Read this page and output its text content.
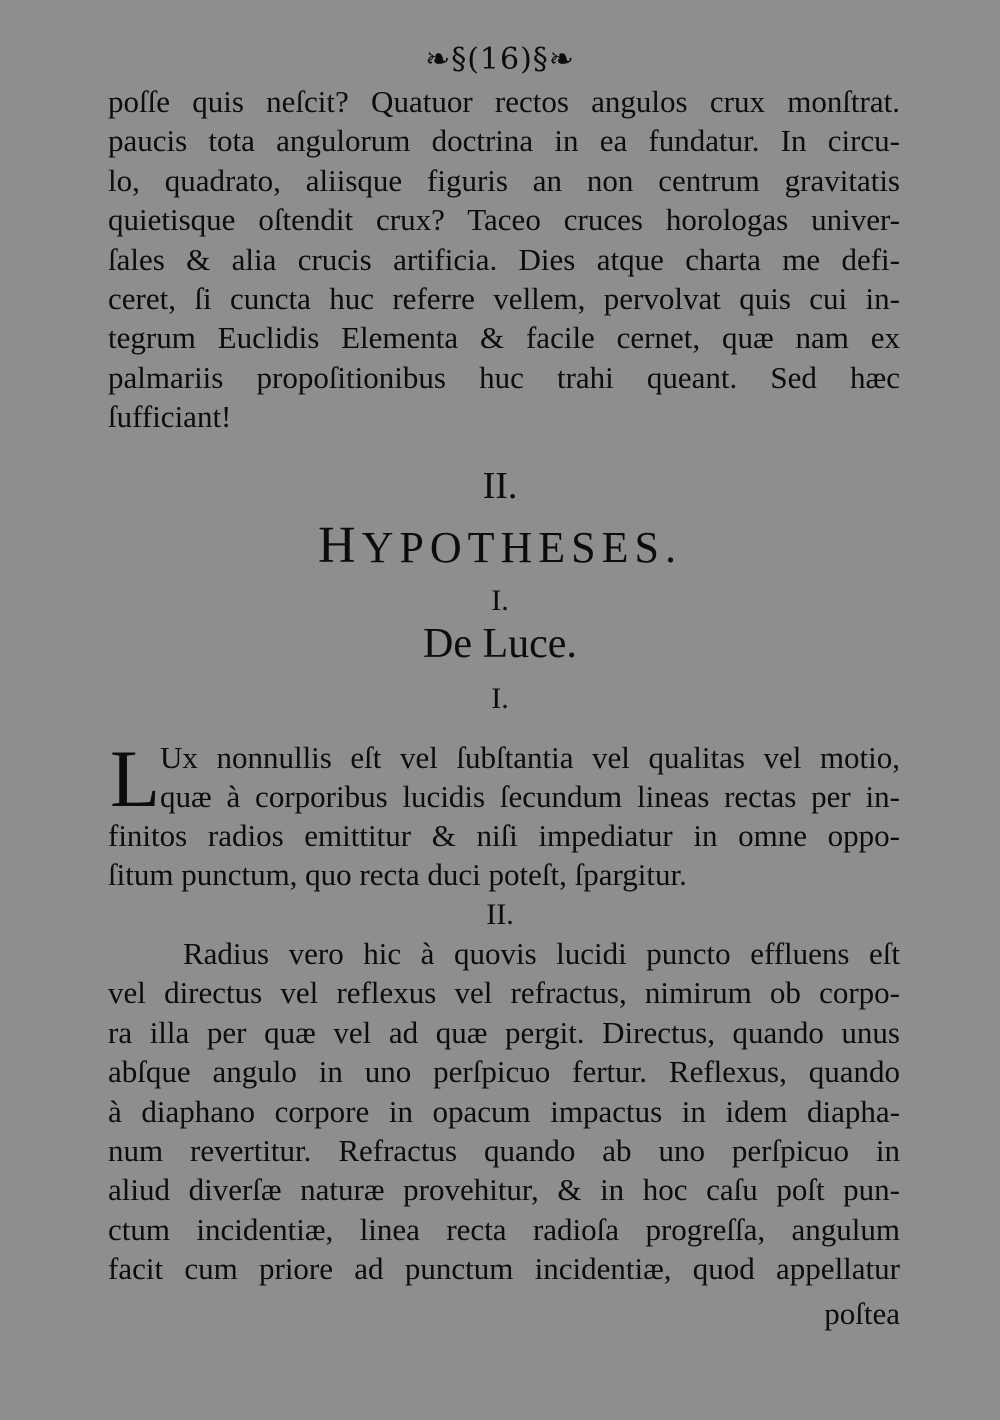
❧§(16)§❧
poſſe quis neſcit? Quatuor rectos angulos crux monſtrat.
paucis tota angulorum doctrina in ea fundatur. In circu-
lo, quadrato, aliisque figuris an non centrum gravitatis
quietisque oſtendit crux? Taceo cruces horologas univer-
ſales & alia crucis artificia. Dies atque charta me defi-
ceret, ſi cuncta huc referre vellem, pervolvat quis cui in-
tegrum Euclidis Elementa & facile cernet, quæ nam ex
palmariis propoſitionibus huc trahi queant. Sed hæc
ſufficiant!
II.
HYPOTHESES.
I.
De Luce.
I.
L Ux nonnullis eſt vel ſubſtantia vel qualitas vel motio,
quæ à corporibus lucidis ſecundum lineas rectas per in-
finitos radios emittitur & niſi impediatur in omne oppo-
ſitum punctum, quo recta duci poteſt, ſpargitur.
II.
Radius vero hic à quovis lucidi puncto effluens eſt
vel directus vel reflexus vel refractus, nimirum ob corpo-
ra illa per quæ vel ad quæ pergit. Directus, quando unus
abſque angulo in uno perſpicuo fertur. Reflexus, quando
à diaphano corpore in opacum impactus in idem diapha-
num revertitur. Refractus quando ab uno perſpicuo in
aliud diverſæ naturæ provehitur, & in hoc caſu poſt pun-
ctum incidentiæ, linea recta radioſa progreſſa, angulum
facit cum priore ad punctum incidentiæ, quod appellatur
poſtea
